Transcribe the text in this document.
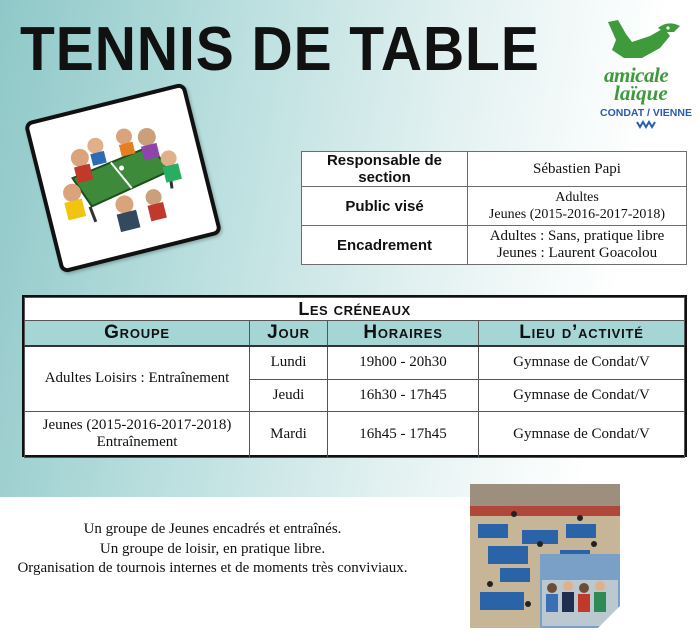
TENNIS DE TABLE	amicale
laïque
CONDAT / VIENNE
Responsable de section	Sébastien Papi
Public visé	Adultes
Jeunes (2015-2016-2017-2018)

Encadrement	Adultes : Sans, pratique libre
Jeunes : Laurent Goacolou
Les créneaux			
Groupe	Jour	Horaires	Lieu d’activité
Adultes Loisirs : Entraînement	Lundi	19h00 - 20h30	Gymnase de Condat/V
	Jeudi	16h30 - 17h45	Gymnase de Condat/V

Jeunes (2015-2016-2017-2018)
Entraînement	Mardi	16h45 - 17h45	Gymnase de Condat/V
Un groupe de Jeunes encadrés et entraînés.
Un groupe de loisir, en pratique libre.
Organisation de tournois internes et de moments très conviviaux.
